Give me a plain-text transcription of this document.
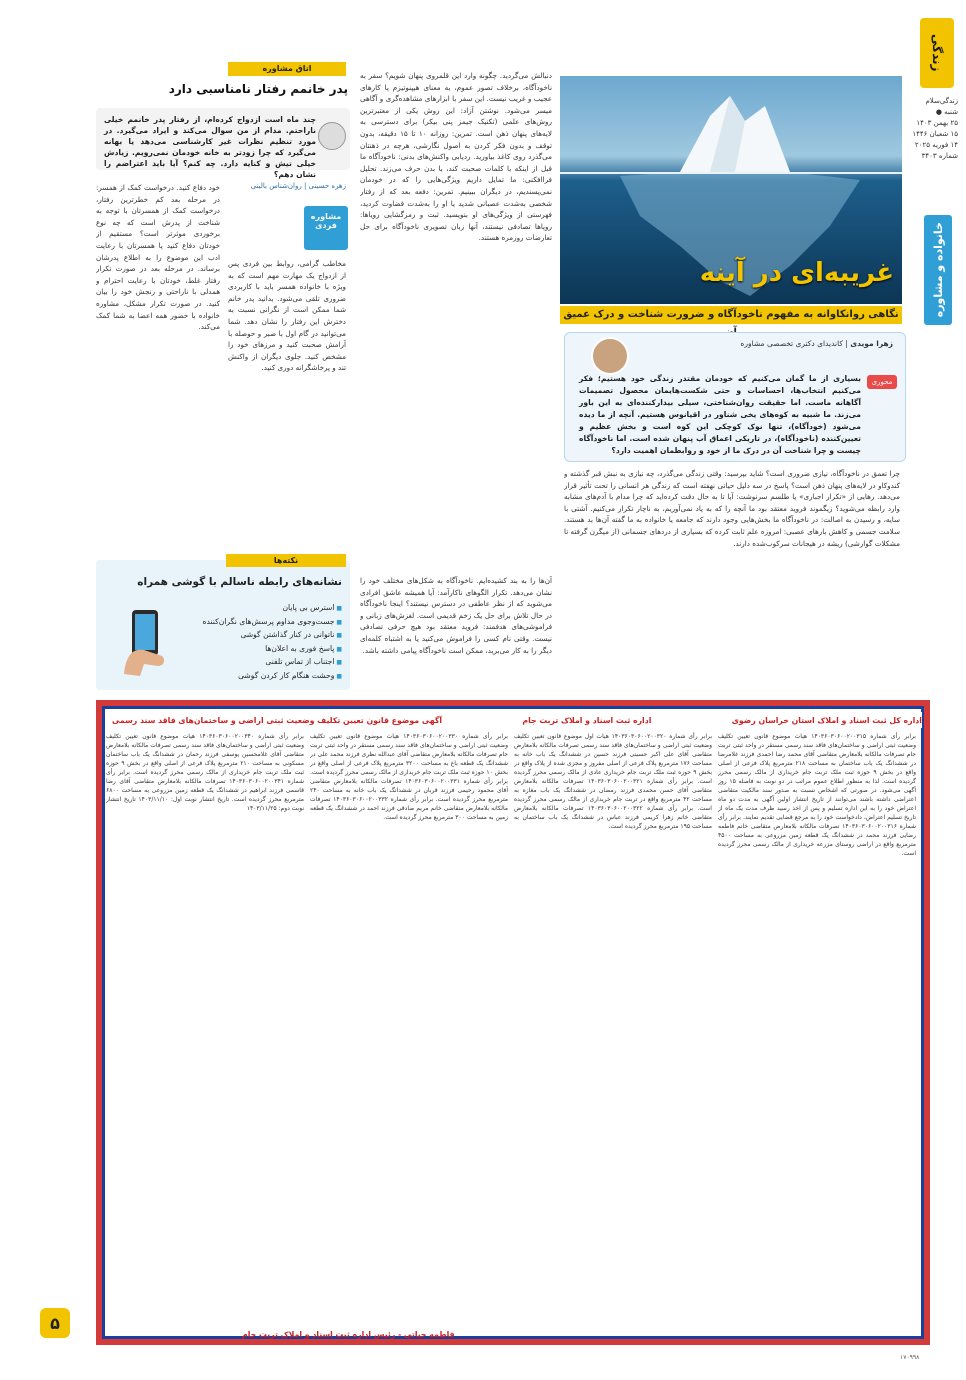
زندگی
زندگی‌سلام
شنبه ●
۲۵ بهمن ۱۴۰۳
۱۵ شعبان ۱۴۴۶
۱۴ فوریه ۲۰۲۵
شماره ۳۴۰۳
خانواده و مشاوره
۵
غریبه‌ای در آینه
نگاهی روانکاوانه به مفهوم ناخودآگاه و ضرورت شناخت و درک عمیق
زهرا مویدی | کاندیدای دکتری تخصصی مشاوره
محوری
بسیاری از ما گمان می‌کنیم که خودمان مقتدر زندگی خود هستیم؛ فکر می‌کنیم انتخاب‌ها، احساسات و حتی شکست‌هایمان محصول تصمیمات آگاهانه ماست. اما حقیقت روان‌شناختی، سیلی بیدارکننده‌ای به این باور می‌زند. ما شبیه به کوه‌های یخی شناور در اقیانوس هستیم. آنچه از ما دیده می‌شود (خودآگاه)، تنها نوک کوچکی این کوه است و بخش عظیم و تعیین‌کننده (ناخودآگاه)، در تاریکی اعماق آب پنهان شده است. اما ناخودآگاه چیست و چرا شناخت آن در درک ما از خود و روابطمان اهمیت دارد؟
دنبالش می‌گردید. چگونه وارد این قلمروی پنهان شویم؟ سفر به ناخودآگاه، برخلاف تصور عموم، به معنای هیپنوتیزم یا کارهای عجیب و غریب نیست. این سفر با ابزارهای مشاهده‌گری و آگاهی میسر می‌شود. نوشتن آزاد: این روش یکی از معتبرترین روش‌های علمی (تکنیک جیمز پنی بیکر) برای دسترسی به لایه‌های پنهان ذهن است. تمرین: روزانه ۱۰ تا ۱۵ دقیقه، بدون توقف و بدون فکر کردن به اصول نگارشی، هرچه در ذهنتان می‌گذرد روی کاغذ بیاورید. ردیابی واکنش‌های بدنی: ناخودآگاه ما قبل از اینکه با کلمات صحبت کند، با بدن حرف می‌زند. تحلیل فراافکنی: ما تمایل داریم ویژگی‌هایی را که در خودمان نمی‌پسندیم، در دیگران ببینیم. تمرین: دفعه بعد که از رفتار شخصی به‌شدت عصبانی شدید یا او را به‌شدت قضاوت کردید، فهرستی از ویژگی‌های او بنویسید. ثبت و رمزگشایی رویاها: رویاها تصادفی نیستند، آنها زبان تصویری ناخودآگاه برای حل تعارضات روزمره هستند.
آن‌ها را به بند کشیده‌ایم. ناخودآگاه به شکل‌های مختلف خود را نشان می‌دهد. تکرار الگوهای ناکارآمد: آیا همیشه عاشق افرادی می‌شوید که از نظر عاطفی در دسترس نیستند؟ اینجا ناخودآگاه در حال تلاش برای حل یک زخم قدیمی است. لغزش‌های زبانی و فراموشی‌های هدفمند: فروید معتقد بود هیچ حرفی تصادفی نیست. وقتی نام کسی را فراموش می‌کنید یا به اشتباه کلمه‌ای دیگر را به کار می‌برید، ممکن است ناخودآگاه پیامی داشته باشد.
چرا تعمق در ناخودآگاه، نیازی ضروری است؟ شاید بپرسید: وقتی زندگی می‌گذرد، چه نیازی به نبش قبر گذشته و کندوکاو در لایه‌های پنهان ذهن است؟ پاسخ در سه دلیل حیاتی نهفته است که زندگی هر انسانی را تحت تأثیر قرار می‌دهد. رهایی از «تکرار اجباری» یا طلسم سرنوشت: آیا تا به حال دقت کرده‌اید که چرا مدام با آدم‌های مشابه وارد رابطه می‌شوید؟ زیگموند فروید معتقد بود ما آنچه را که به یاد نمی‌آوریم، به ناچار تکرار می‌کنیم. آشتی با سایه، و رسیدن به اصالت: در ناخودآگاه ما بخش‌هایی وجود دارند که جامعه یا خانواده به ما گفته آن‌ها بد هستند. سلامت جسمی و کاهش بارهای عصبی: امروزه علم ثابت کرده که بسیاری از دردهای جسمانی (از میگرن گرفته تا مشکلات گوارشی) ریشه در هیجانات سرکوب‌شده دارند.
اتاق مشاوره
پدر خانمم رفتار نامناسبی دارد
چند ماه است ازدواج کرده‌ام، از رفتار پدر خانمم خیلی ناراحتم. مدام از من سوال می‌کند و ایراد می‌گیرد. در مورد تنظیم نظرات غیر کارشناسی می‌دهد یا بهانه می‌گیرد که چرا زودتر به خانه خودمان نمی‌رویم. زیادش خیلی تیش و کنایه دارد. چه کنم؟ آیا باید اعتراضم را نشان دهم؟
زهره حسینی | روان‌شناس بالینی
مشاوره فردی
خود دفاع کنید. درخواست کمک از همسر: در مرحله بعد کم خطرترین رفتار، درخواست کمک از همسرتان با توجه به شناخت از پدرش است که چه نوع برخوردی موثرتر است؟ مستقیم از خودتان دفاع کنید یا همسرتان با رعایت ادب این موضوع را به اطلاع پدرشان برساند. در مرحله بعد در صورت تکرار رفتار غلط، خودتان با رعایت احترام و همدلی با ناراحتی و رنجش خود را بیان کنید. در صورت تکرار مشکل، مشاوره خانواده با حضور همه اعضا به شما کمک می‌کند.
مخاطب گرامی، روابط بین فردی پس از ازدواج یک مهارت مهم است که به ویژه با خانواده همسر باید با کاربردی ضروری تلقی می‌شود. بدانید پدر خانم شما ممکن است از نگرانی نسبت به دخترش این رفتار را نشان دهد. شما می‌توانید در گام اول با صبر و حوصله با آرامش صحبت کنید و مرزهای خود را مشخص کنید. جلوی دیگران از واکنش تند و پرخاشگرانه دوری کنید.
نشانه‌های رابطه ناسالم با گوشی همراه
■ استرس بی پایان
■ جست‌وجوی مداوم پرسش‌های نگران‌کننده
■ ناتوانی در کنار گذاشتن گوشی
■ پاسخ فوری به اعلان‌ها
■ اجتناب از تماس تلفنی
■ وحشت هنگام کار کردن گوشی
نکته‌ها
اداره کل ثبت اسناد و املاک استان خراسان رضوی
اداره ثبت اسناد و املاک تربت جام
آگهی موضوع قانون تعیین تکلیف وضعیت ثبتی اراضی و ساختمان‌های فاقد سند رسمی
برابر رأی شماره ۱۴۰۳۶۰۳۰۶۰۰۲۰۰۳۱۵ هیات موضوع قانون تعیین تکلیف وضعیت ثبتی اراضی و ساختمان‌های فاقد سند رسمی مستقر در واحد ثبتی تربت جام تصرفات مالکانه بلامعارض متقاضی آقای محمد رضا احمدی فرزند غلامرضا در ششدانگ یک باب ساختمان به مساحت ۲۱۸ مترمربع پلاک فرعی از اصلی واقع در بخش ۹ حوزه ثبت ملک تربت جام خریداری از مالک رسمی محرز گردیده است. لذا به منظور اطلاع عموم مراتب در دو نوبت به فاصله ۱۵ روز آگهی می‌شود. در صورتی که اشخاص نسبت به صدور سند مالکیت متقاضی اعتراضی داشته باشند می‌توانند از تاریخ انتشار اولین آگهی به مدت دو ماه اعتراض خود را به این اداره تسلیم و پس از اخذ رسید ظرف مدت یک ماه از تاریخ تسلیم اعتراض، دادخواست خود را به مرجع قضایی تقدیم نمایند. برابر رأی شماره ۱۴۰۳۶۰۳۰۶۰۰۲۰۰۳۱۶ تصرفات مالکانه بلامعارض متقاضی خانم فاطمه رضایی فرزند محمد در ششدانگ یک قطعه زمین مزروعی به مساحت ۴۵۰۰ مترمربع واقع در اراضی روستای مزرعه خریداری از مالک رسمی محرز گردیده است.
برابر رأی شماره ۱۴۰۳۶۰۳۰۶۰۰۲۰۰۳۲۰ هیات اول موضوع قانون تعیین تکلیف وضعیت ثبتی اراضی و ساختمان‌های فاقد سند رسمی تصرفات مالکانه بلامعارض متقاضی آقای علی اکبر حسینی فرزند حسین در ششدانگ یک باب خانه به مساحت ۱۷۶ مترمربع پلاک فرعی از اصلی مفروز و مجزی شده از پلاک واقع در بخش ۹ حوزه ثبت ملک تربت جام خریداری عادی از مالک رسمی محرز گردیده است. برابر رأی شماره ۱۴۰۳۶۰۳۰۶۰۰۲۰۰۳۲۱ تصرفات مالکانه بلامعارض متقاضی آقای حسن محمدی فرزند رمضان در ششدانگ یک باب مغازه به مساحت ۴۲ مترمربع واقع در تربت جام خریداری از مالک رسمی محرز گردیده است. برابر رأی شماره ۱۴۰۳۶۰۳۰۶۰۰۲۰۰۳۲۲ تصرفات مالکانه بلامعارض متقاضی خانم زهرا کریمی فرزند عباس در ششدانگ یک باب ساختمان به مساحت ۱۹۵ مترمربع محرز گردیده است.
برابر رأی شماره ۱۴۰۳۶۰۳۰۶۰۰۲۰۰۳۳۰ هیات موضوع قانون تعیین تکلیف وضعیت ثبتی اراضی و ساختمان‌های فاقد سند رسمی مستقر در واحد ثبتی تربت جام تصرفات مالکانه بلامعارض متقاضی آقای عبدالله نظری فرزند محمد علی در ششدانگ یک قطعه باغ به مساحت ۳۲۰۰ مترمربع پلاک فرعی از اصلی واقع در بخش ۱۰ حوزه ثبت ملک تربت جام خریداری از مالک رسمی محرز گردیده است. برابر رأی شماره ۱۴۰۳۶۰۳۰۶۰۰۲۰۰۳۳۱ تصرفات مالکانه بلامعارض متقاضی آقای محمود رحیمی فرزند قربان در ششدانگ یک باب خانه به مساحت ۲۴۰ مترمربع محرز گردیده است. برابر رأی شماره ۱۴۰۳۶۰۳۰۶۰۰۲۰۰۳۳۲ تصرفات مالکانه بلامعارض متقاضی خانم مریم صادقی فرزند احمد در ششدانگ یک قطعه زمین به مساحت ۳۰۰ مترمربع محرز گردیده است.
برابر رأی شماره ۱۴۰۳۶۰۳۰۶۰۰۲۰۰۳۴۰ هیات موضوع قانون تعیین تکلیف وضعیت ثبتی اراضی و ساختمان‌های فاقد سند رسمی تصرفات مالکانه بلامعارض متقاضی آقای غلامحسین یوسفی فرزند رحمان در ششدانگ یک باب ساختمان مسکونی به مساحت ۲۱۰ مترمربع پلاک فرعی از اصلی واقع در بخش ۹ حوزه ثبت ملک تربت جام خریداری از مالک رسمی محرز گردیده است. برابر رأی شماره ۱۴۰۳۶۰۳۰۶۰۰۲۰۰۳۴۱ تصرفات مالکانه بلامعارض متقاضی آقای رضا قاسمی فرزند ابراهیم در ششدانگ یک قطعه زمین مزروعی به مساحت ۶۸۰۰ مترمربع محرز گردیده است. تاریخ انتشار نوبت اول: ۱۴۰۳/۱۱/۱۰ تاریخ انتشار نوبت دوم: ۱۴۰۳/۱۱/۲۵
فاطمه حیاتی - رئیس اداره ثبت اسناد و املاک تربت جام
۱۷۰۹۹۸
